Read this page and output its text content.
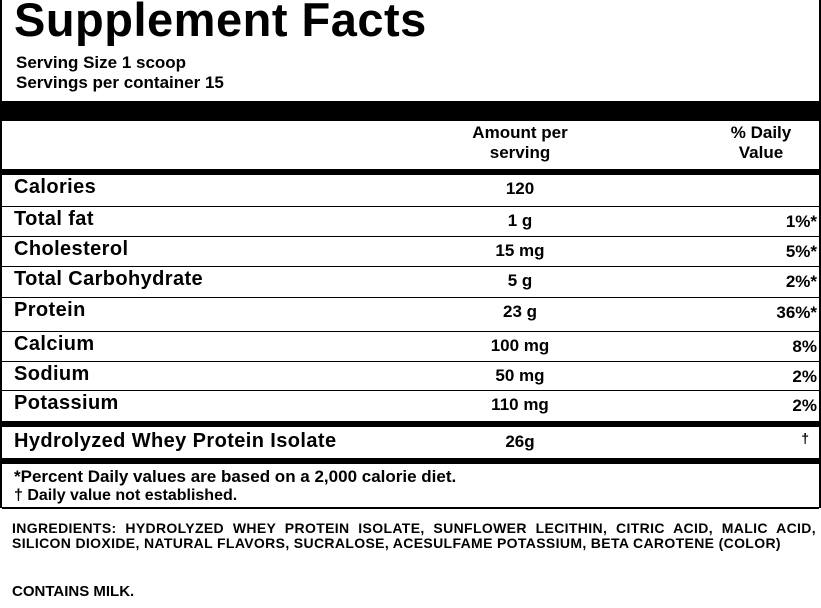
Supplement Facts
Serving Size 1 scoop
Servings per container 15
Amount per
serving
% Daily
Value
Calories	120
Total fat	1 g	1%*
Cholesterol	15 mg	5%*
Total Carbohydrate	5 g	2%*
Protein	23 g	36%*
Calcium	100 mg	8%
Sodium	50 mg	2%
Potassium	110 mg	2%
Hydrolyzed Whey Protein Isolate	26g	†
*Percent Daily values are based on a 2,000 calorie diet.
† Daily value not established.
INGREDIENTS: HYDROLYZED WHEY PROTEIN ISOLATE, SUNFLOWER LECITHIN, CITRIC ACID, MALIC ACID, SILICON DIOXIDE, NATURAL FLAVORS, SUCRALOSE, ACESULFAME POTASSIUM, BETA CAROTENE (COLOR)
CONTAINS MILK.
